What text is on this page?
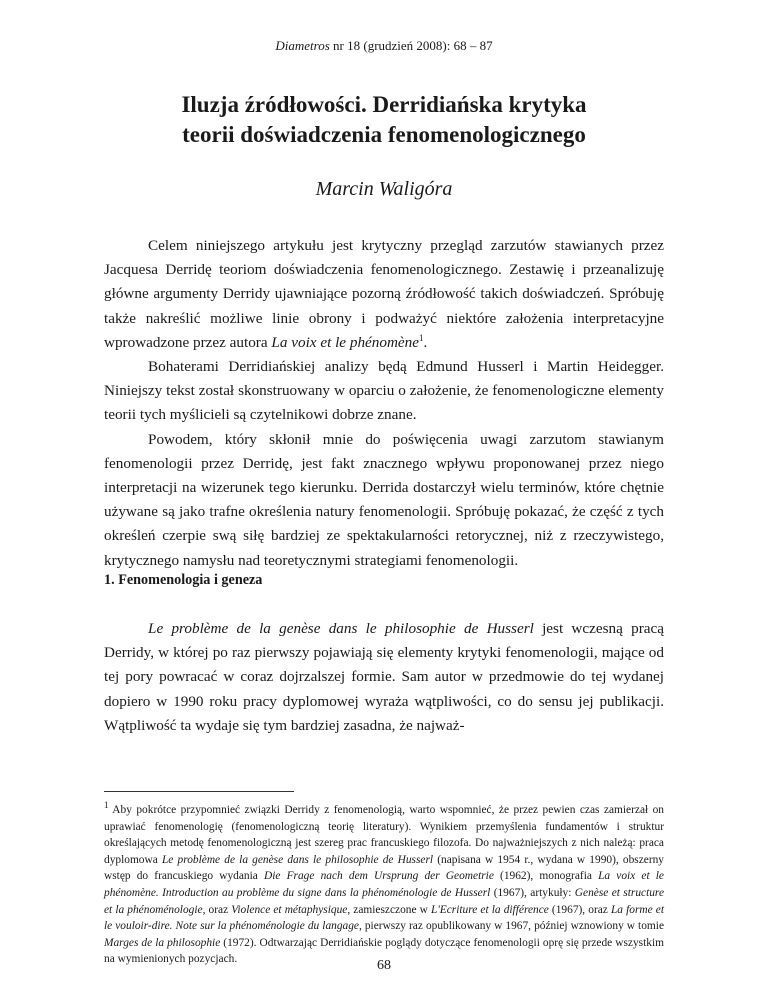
Diametros nr 18 (grudzień 2008): 68 – 87
Iluzja źródłowości. Derridiańska krytyka
teorii doświadczenia fenomenologicznego
Marcin Waligóra

Celem niniejszego artykułu jest krytyczny przegląd zarzutów stawianych przez Jacquesa Derridę teoriom doświadczenia fenomenologicznego. Zestawię i przeanalizuję główne argumenty Derridy ujawniające pozorną źródłowość takich doświadczeń. Spróbuję także nakreślić możliwe linie obrony i podważyć niektóre założenia interpretacyjne wprowadzone przez autora La voix et le phénomène$^1$.

Bohaterami Derridiańskiej analizy będą Edmund Husserl i Martin Heidegger. Niniejszy tekst został skonstruowany w oparciu o założenie, że fenomenologiczne elementy teorii tych myślicieli są czytelnikowi dobrze znane.

Powodem, który skłonił mnie do poświęcenia uwagi zarzutom stawianym fenomenologii przez Derridę, jest fakt znacznego wpływu proponowanej przez niego interpretacji na wizerunek tego kierunku. Derrida dostarczył wielu terminów, które chętnie używane są jako trafne określenia natury fenomenologii. Spróbuję pokazać, że część z tych określeń czerpie swą siłę bardziej ze spektakularności retorycznej, niż z rzeczywistego, krytycznego namysłu nad teoretycznymi strategiami fenomenologii.

1. Fenomenologia i geneza

Le problème de la genèse dans le philosophie de Husserl jest wczesną pracą Derridy, w której po raz pierwszy pojawiają się elementy krytyki fenomenologii, mające od tej pory powracać w coraz dojrzalszej formie. Sam autor w przedmowie do tej wydanej dopiero w 1990 roku pracy dyplomowej wyraża wątpliwości, co do sensu jej publikacji. Wątpliwość ta wydaje się tym bardziej zasadna, że najważ-

$^1$ Aby pokrótce przypomnieć związki Derridy z fenomenologią, warto wspomnieć, że przez pewien czas zamierzał on uprawiać fenomenologię (fenomenologiczną teorię literatury). Wynikiem przemyślenia fundamentów i struktur określających metodę fenomenologiczną jest szereg prac francuskiego filozofa. Do najważniejszych z nich należą: praca dyplomowa Le problème de la genèse dans le philosophie de Husserl (napisana w 1954 r., wydana w 1990), obszerny wstęp do francuskiego wydania Die Frage nach dem Ursprung der Geometrie (1962), monografia La voix et le phénomène. Introduction au problème du signe dans la phénoménologie de Husserl (1967), artykuły: Genèse et structure et la phénoménologie, oraz Violence et métaphysique, zamieszczone w L'Ecriture et la différence (1967), oraz La forme et le vouloir-dire. Note sur la phénoménologie du langage, pierwszy raz opublikowany w 1967, później wznowiony w tomie Marges de la philosophie (1972). Odtwarzając Derridiańskie poglądy dotyczące fenomenologii oprę się przede wszystkim na wymienionych pozycjach.	68
